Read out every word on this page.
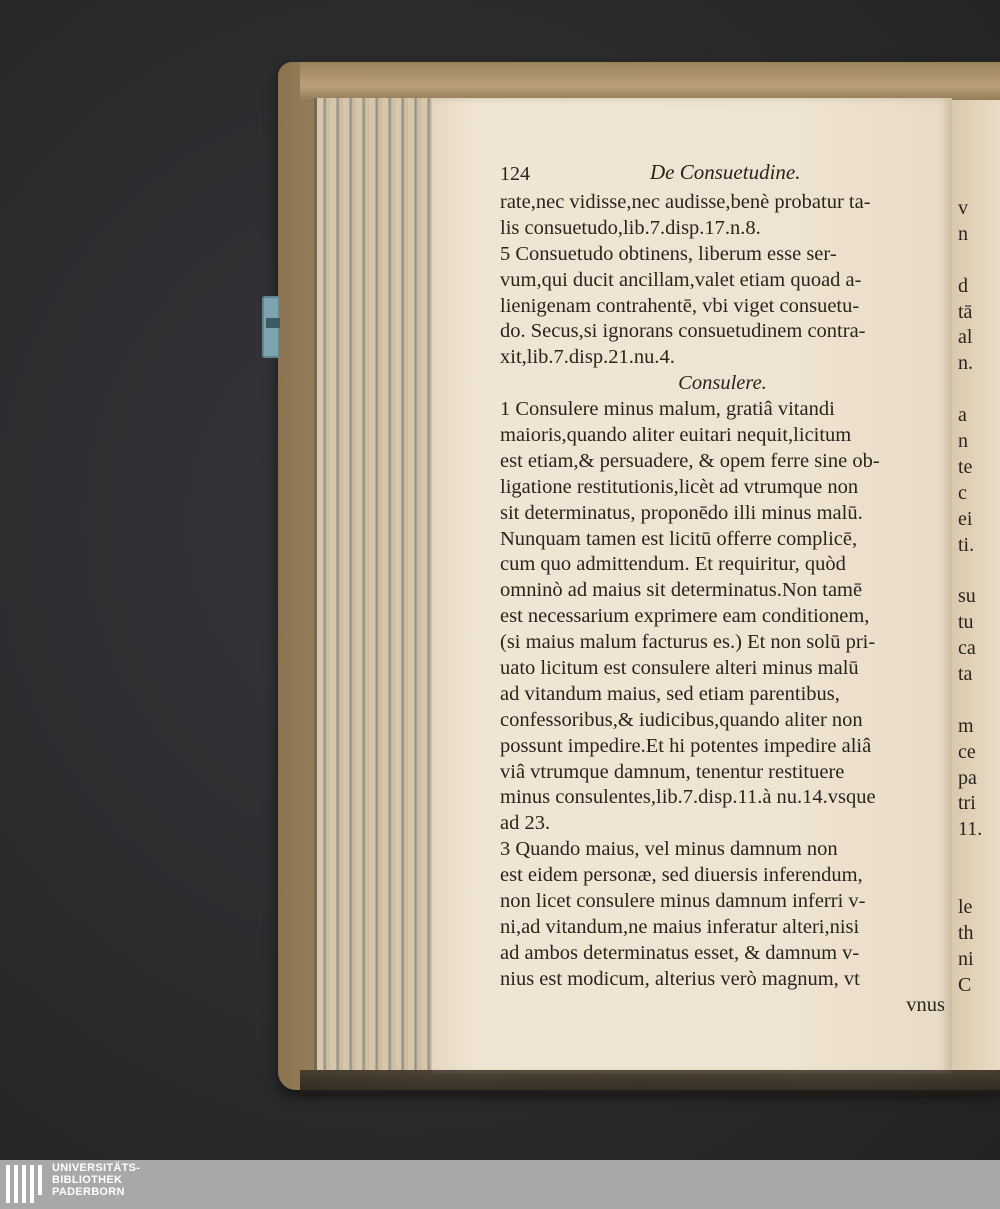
124	De Consuetudine.
rate,nec vidisse,nec audisse,benè probatur ta-
lis consuetudo,lib.7.disp.17.n.8.
5 Consuetudo obtinens, liberum esse ser-
vum,qui ducit ancillam,valet etiam quoad a-
lienigenam contrahentē, vbi viget consuetu-
do. Secus,si ignorans consuetudinem contra-
xit,lib.7.disp.21.nu.4.
Consulere.
1 Consulere minus malum, gratiâ vitandi
maioris,quando aliter euitari nequit,licitum
est etiam,& persuadere, & opem ferre sine ob-
ligatione restitutionis,licèt ad vtrumque non
sit determinatus, proponēdo illi minus malū.
Nunquam tamen est licitū offerre complicē,
cum quo admittendum. Et requiritur, quòd
omninò ad maius sit determinatus.Non tamē
est necessarium exprimere eam conditionem,
(si maius malum facturus es.) Et non solū pri-
uato licitum est consulere alteri minus malū
ad vitandum maius, sed etiam parentibus,
confessoribus,& iudicibus,quando aliter non
possunt impedire.Et hi potentes impedire aliâ
viâ vtrumque damnum, tenentur restituere
minus consulentes,lib.7.disp.11.à nu.14.vsque
ad 23.
3 Quando maius, vel minus damnum non
est eidem personæ, sed diuersis inferendum,
non licet consulere minus damnum inferri v-
ni,ad vitandum,ne maius inferatur alteri,nisi
ad ambos determinatus esset, & damnum v-
nius est modicum, alterius verò magnum, vt
vnus
v
n
d
tā
al
n.
a
n
te
c
ei
ti.
su
tu
ca
ta
m
ce
pa
tri
11.
le
th
ni
C
UNIVERSITÄTS-
BIBLIOTHEK
PADERBORN
